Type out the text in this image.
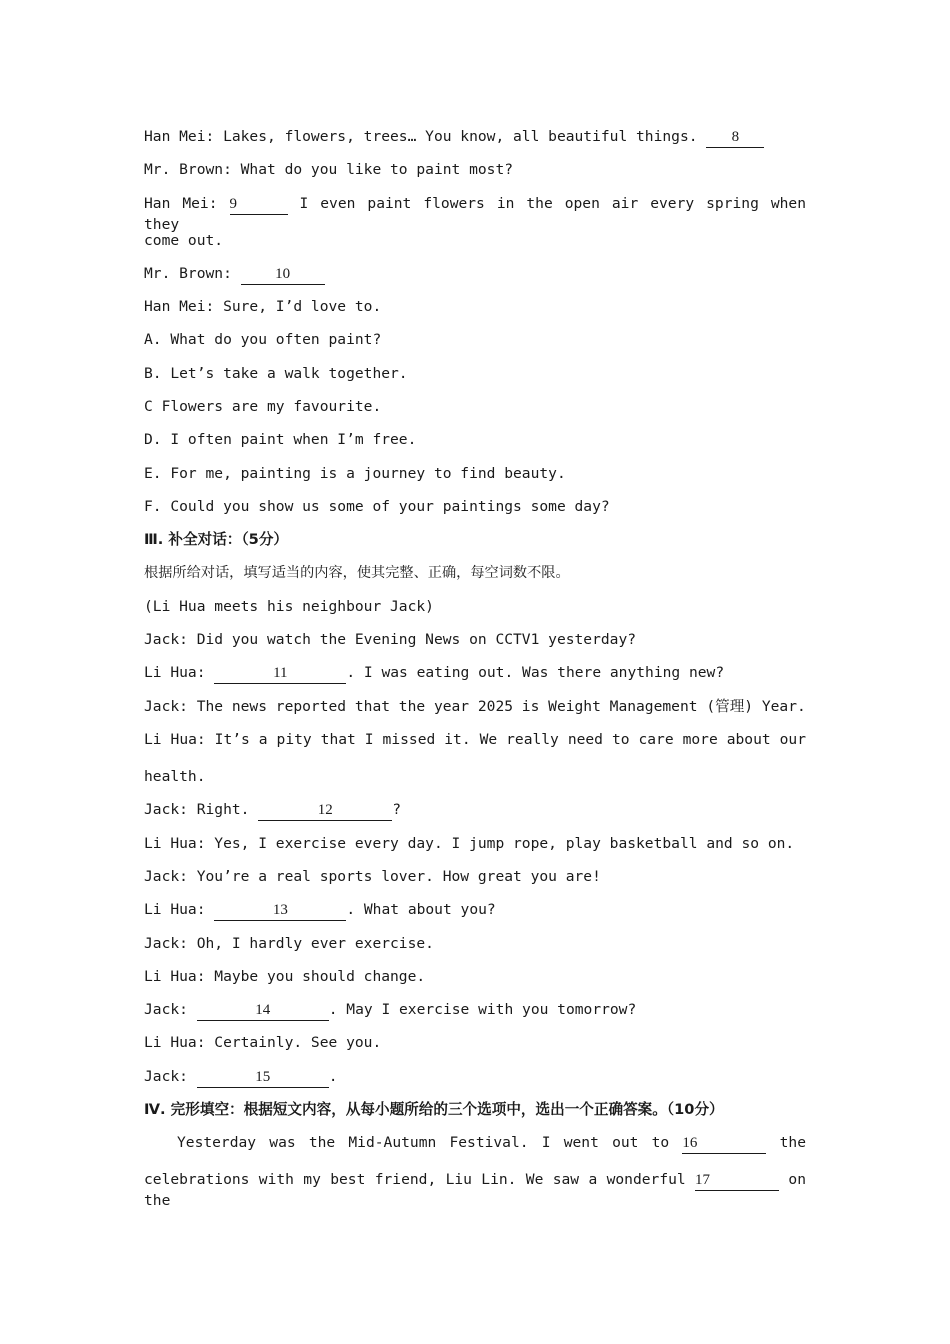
Han Mei: Lakes, flowers, trees… You know, all beautiful things. 8
Mr. Brown: What do you like to paint most?
Han Mei: 9	I even paint flowers in the open air every spring when they
come out.
Mr. Brown:	10
Han Mei: Sure, I’d love to.
A. What do you often paint?
B. Let’s take a walk together.
C Flowers are my favourite.
D. I often paint when I’m free.
E. For me, painting is a journey to find beauty.
F. Could you show us some of your paintings some day?
Ⅲ. 补全对话：（5分）
根据所给对话，填写适当的内容，使其完整、正确，每空词数不限。
(Li Hua meets his neighbour Jack)
Jack: Did you watch the Evening News on CCTV1 yesterday?
Li Hua:	11	. I was eating out. Was there anything new?
Jack: The news reported that the year 2025 is Weight Management (管理) Year.
Li Hua: It’s a pity that I missed it. We really need to care more about our
health.
Jack: Right.	12	?
Li Hua: Yes, I exercise every day. I jump rope, play basketball and so on.
Jack: You’re a real sports lover. How great you are!
Li Hua:	13	. What about you?
Jack: Oh, I hardly ever exercise.
Li Hua: Maybe you should change.
Jack:	14	. May I exercise with you tomorrow?
Li Hua: Certainly. See you.
Jack:	15	.
Ⅳ. 完形填空：根据短文内容，从每小题所给的三个选项中，选出一个正确答案。（10分）
Yesterday was the Mid-Autumn Festival. I went out to 16	the
celebrations with my best friend, Liu Lin. We saw a wonderful 17	on the
